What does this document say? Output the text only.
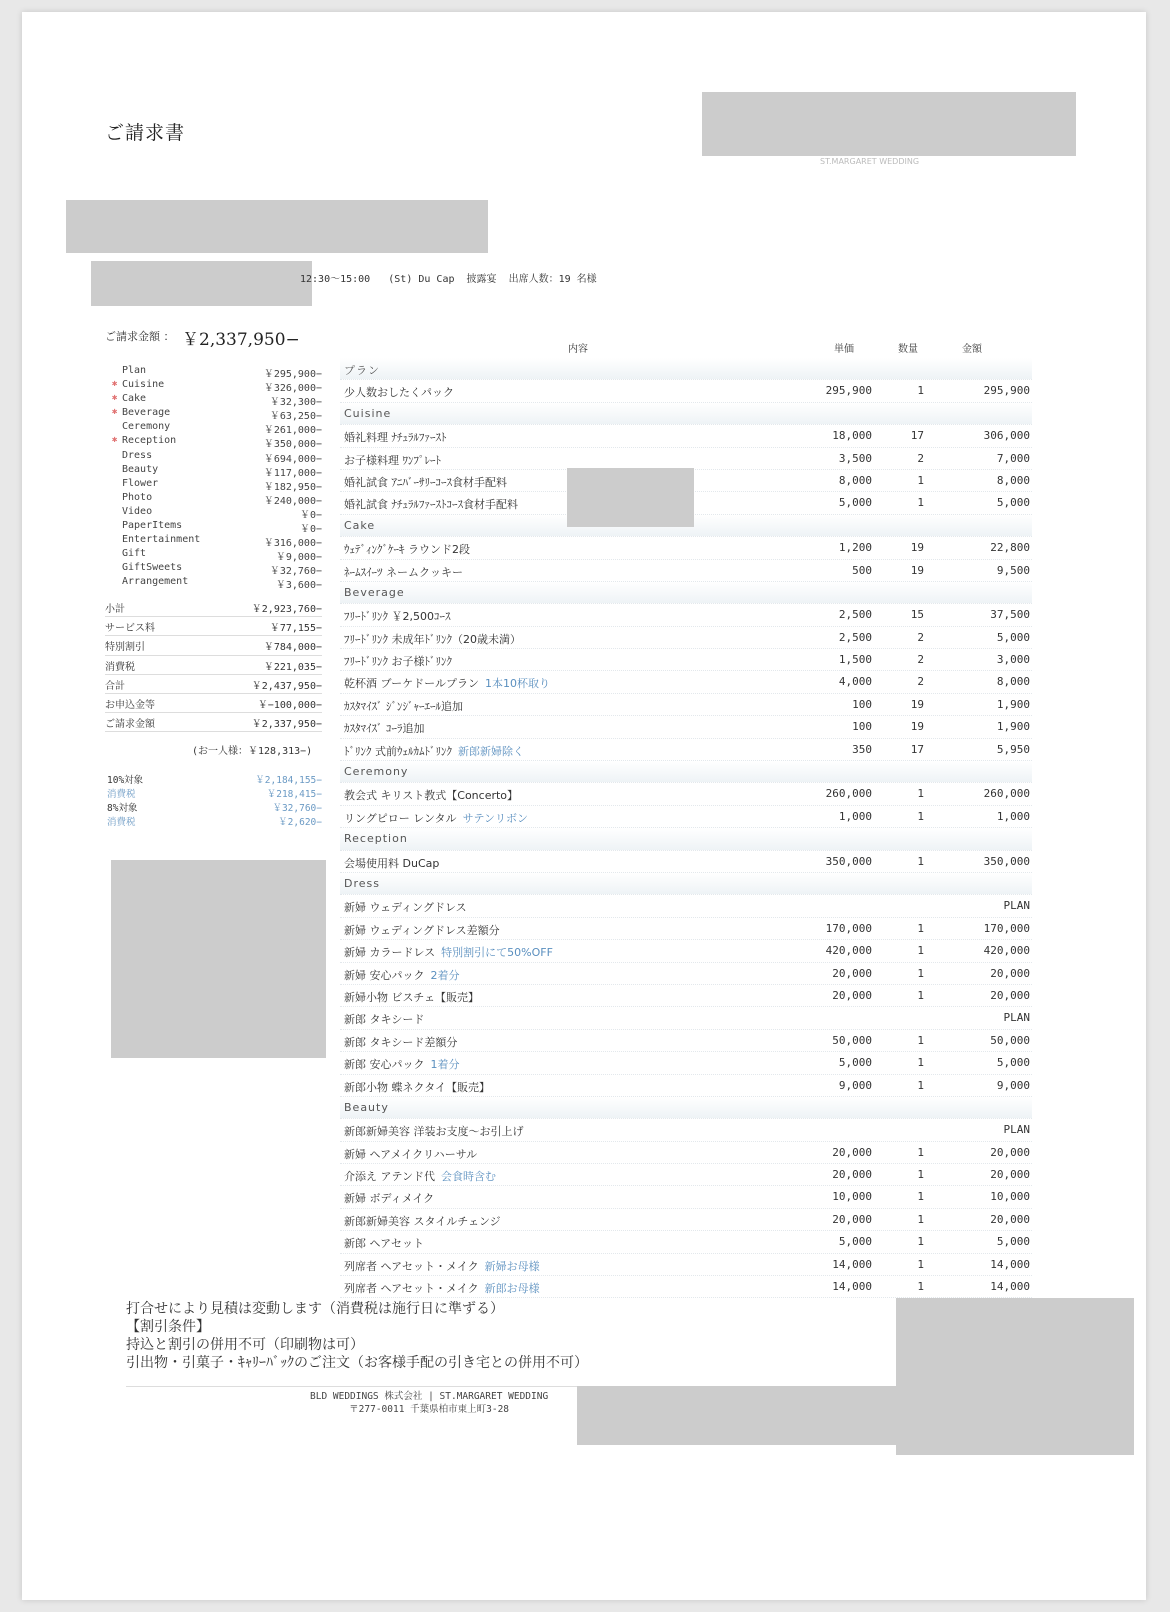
ご請求書
ST.MARGARET WEDDING
12:30〜15:00   (St) Du Cap  披露宴  出席人数：19 名様
ご請求金額 ： ￥2,337,950−
Plan	￥295,900−
✱ Cuisine	￥326,000−
✱ Cake	￥32,300−
✱ Beverage	￥63,250−
Ceremony	￥261,000−
✱ Reception	￥350,000−
Dress	￥694,000−
Beauty	￥117,000−
Flower	￥182,950−
Photo	￥240,000−
Video	￥0−
PaperItems	￥0−
Entertainment	￥316,000−
Gift	￥9,000−
GiftSweets	￥32,760−
Arrangement	￥3,600−
小計	￥2,923,760−
サービス料	￥77,155−
特別割引	￥784,000−
消費税	￥221,035−
合計	￥2,437,950−
お申込金等	￥−100,000−
ご請求金額	￥2,337,950−
(お一人様：￥128,313−)
10%対象	￥2,184,155−
消費税	￥218,415−
8%対象	￥32,760−
消費税	￥2,620−
内容	単価	数量	金額
プラン
少人数おしたくパック	295,900	1	295,900
Cuisine
婚礼料理 ﾅﾁｭﾗﾙﾌｧｰｽﾄ	18,000	17	306,000
お子様料理 ﾜﾝﾌﾟﾚｰﾄ	3,500	2	7,000
婚礼試食 ｱﾆﾊﾞｰｻﾘｰｺｰｽ食材手配料	8,000	1	8,000
婚礼試食 ﾅﾁｭﾗﾙﾌｧｰｽﾄｺｰｽ食材手配料	5,000	1	5,000
Cake
ｳｪﾃﾞｨﾝｸﾞｹｰｷ ラウンド2段	1,200	19	22,800
ﾈｰﾑｽｲｰﾂ ネームクッキー	500	19	9,500
Beverage
ﾌﾘｰﾄﾞﾘﾝｸ ￥2,500ｺｰｽ	2,500	15	37,500
ﾌﾘｰﾄﾞﾘﾝｸ 未成年ﾄﾞﾘﾝｸ（20歳未満）	2,500	2	5,000
ﾌﾘｰﾄﾞﾘﾝｸ お子様ﾄﾞﾘﾝｸ	1,500	2	3,000
乾杯酒 ブーケドールプラン 1本10杯取り	4,000	2	8,000
ｶｽﾀﾏｲｽﾞ ｼﾞﾝｼﾞｬｰｴｰﾙ追加	100	19	1,900
ｶｽﾀﾏｲｽﾞ ｺｰﾗ追加	100	19	1,900
ﾄﾞﾘﾝｸ 式前ｳｪﾙｶﾑﾄﾞﾘﾝｸ 新郎新婦除く	350	17	5,950
Ceremony
教会式 キリスト教式【Concerto】	260,000	1	260,000
リングピロー レンタル サテンリボン	1,000	1	1,000
Reception
会場使用料 DuCap	350,000	1	350,000
Dress
新婦 ウェディングドレス	PLAN
新婦 ウェディングドレス差額分	170,000	1	170,000
新婦 カラードレス 特別割引にて50%OFF	420,000	1	420,000
新婦 安心パック 2着分	20,000	1	20,000
新婦小物 ビスチェ【販売】	20,000	1	20,000
新郎 タキシード	PLAN
新郎 タキシード差額分	50,000	1	50,000
新郎 安心パック 1着分	5,000	1	5,000
新郎小物 蝶ネクタイ【販売】	9,000	1	9,000
Beauty
新郎新婦美容 洋装お支度〜お引上げ	PLAN
新婦 ヘアメイクリハーサル	20,000	1	20,000
介添え アテンド代 会食時含む	20,000	1	20,000
新婦 ボディメイク	10,000	1	10,000
新郎新婦美容 スタイルチェンジ	20,000	1	20,000
新郎 ヘアセット	5,000	1	5,000
列席者 ヘアセット・メイク 新婦お母様	14,000	1	14,000
列席者 ヘアセット・メイク 新郎お母様	14,000	1	14,000
打合せにより見積は変動します（消費税は施行日に準ずる）
【割引条件】
持込と割引の併用不可（印刷物は可）
引出物・引菓子・ｷｬﾘｰﾊﾞｯｸのご注文（お客様手配の引き宅との併用不可）
BLD WEDDINGS 株式会社 | ST.MARGARET WEDDING
〒277-0011 千葉県柏市東上町3-28
